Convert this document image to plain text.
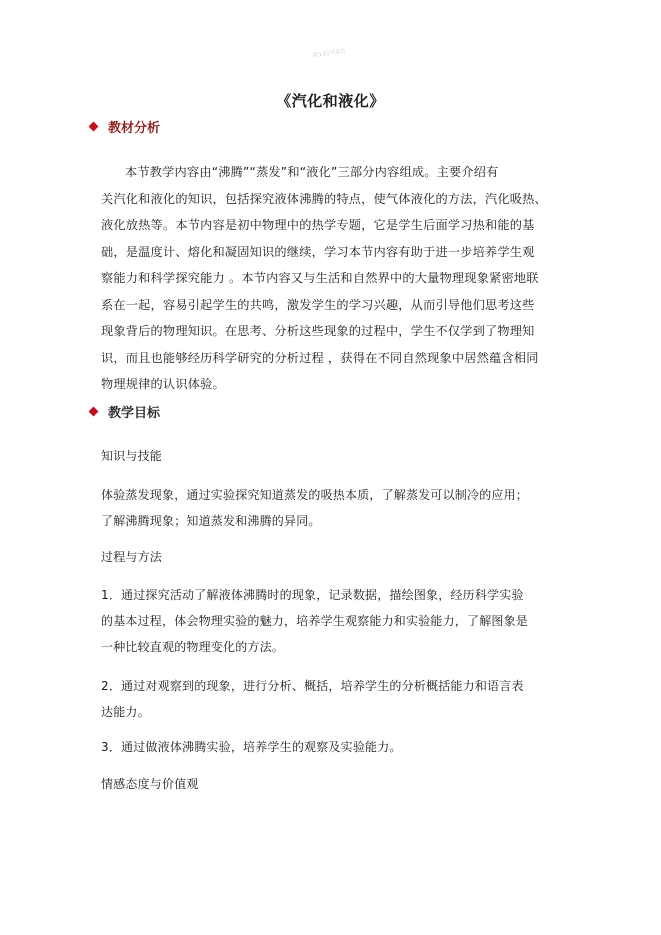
第1页/共8页
《汽化和液化》
教材分析
本节教学内容由“沸腾”“蒸发”和“液化”三部分内容组成。主要介绍有
关汽化和液化的知识，包括探究液体沸腾的特点，使气体液化的方法，汽化吸热、
液化放热等。本节内容是初中物理中的热学专题，它是学生后面学习热和能的基
础，是温度计、熔化和凝固知识的继续，学习本节内容有助于进一步培养学生观
察能力和科学探究能力 。本节内容又与生活和自然界中的大量物理现象紧密地联
系在一起，容易引起学生的共鸣，激发学生的学习兴趣，从而引导他们思考这些
现象背后的物理知识。在思考、分析这些现象的过程中，学生不仅学到了物理知
识，而且也能够经历科学研究的分析过程 ，获得在不同自然现象中居然蕴含相同
物理规律的认识体验。
教学目标
知识与技能
体验蒸发现象，通过实验探究知道蒸发的吸热本质，了解蒸发可以制冷的应用；
了解沸腾现象；知道蒸发和沸腾的异同。
过程与方法
1．通过探究活动了解液体沸腾时的现象，记录数据，描绘图象，经历科学实验
的基本过程，体会物理实验的魅力，培养学生观察能力和实验能力，了解图象是
一种比较直观的物理变化的方法。
2．通过对观察到的现象，进行分析、概括，培养学生的分析概括能力和语言表
达能力。
3．通过做液体沸腾实验，培养学生的观察及实验能力。
情感态度与价值观
